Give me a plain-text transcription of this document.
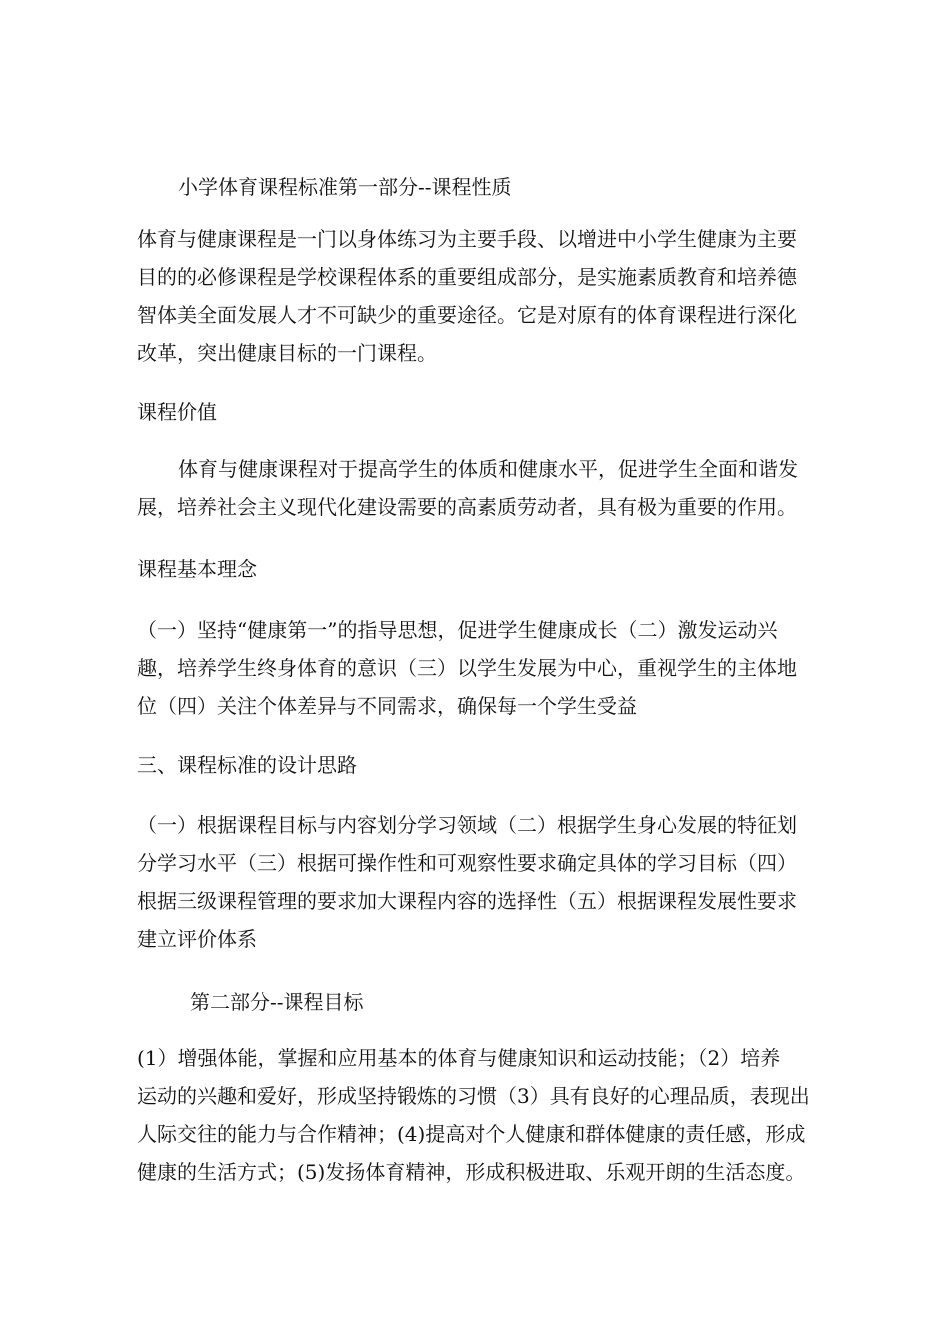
小学体育课程标准第一部分--课程性质
体育与健康课程是一门以身体练习为主要手段、以增进中小学生健康为主要
目的的必修课程是学校课程体系的重要组成部分，是实施素质教育和培养德
智体美全面发展人才不可缺少的重要途径。它是对原有的体育课程进行深化
改革，突出健康目标的一门课程。
课程价值
体育与健康课程对于提高学生的体质和健康水平，促进学生全面和谐发
展，培养社会主义现代化建设需要的高素质劳动者，具有极为重要的作用。
课程基本理念
（一）坚持“健康第一”的指导思想，促进学生健康成长（二）激发运动兴
趣，培养学生终身体育的意识（三）以学生发展为中心，重视学生的主体地
位（四）关注个体差异与不同需求，确保每一个学生受益
三、课程标准的设计思路
（一）根据课程目标与内容划分学习领域（二）根据学生身心发展的特征划
分学习水平（三）根据可操作性和可观察性要求确定具体的学习目标（四）
根据三级课程管理的要求加大课程内容的选择性（五）根据课程发展性要求
建立评价体系
第二部分--课程目标
(1）增强体能，掌握和应用基本的体育与健康知识和运动技能；（2）培养
运动的兴趣和爱好，形成坚持锻炼的习惯（3）具有良好的心理品质，表现出
人际交往的能力与合作精神；(4)提高对个人健康和群体健康的责任感，形成
健康的生活方式；(5)发扬体育精神，形成积极进取、乐观开朗的生活态度。
